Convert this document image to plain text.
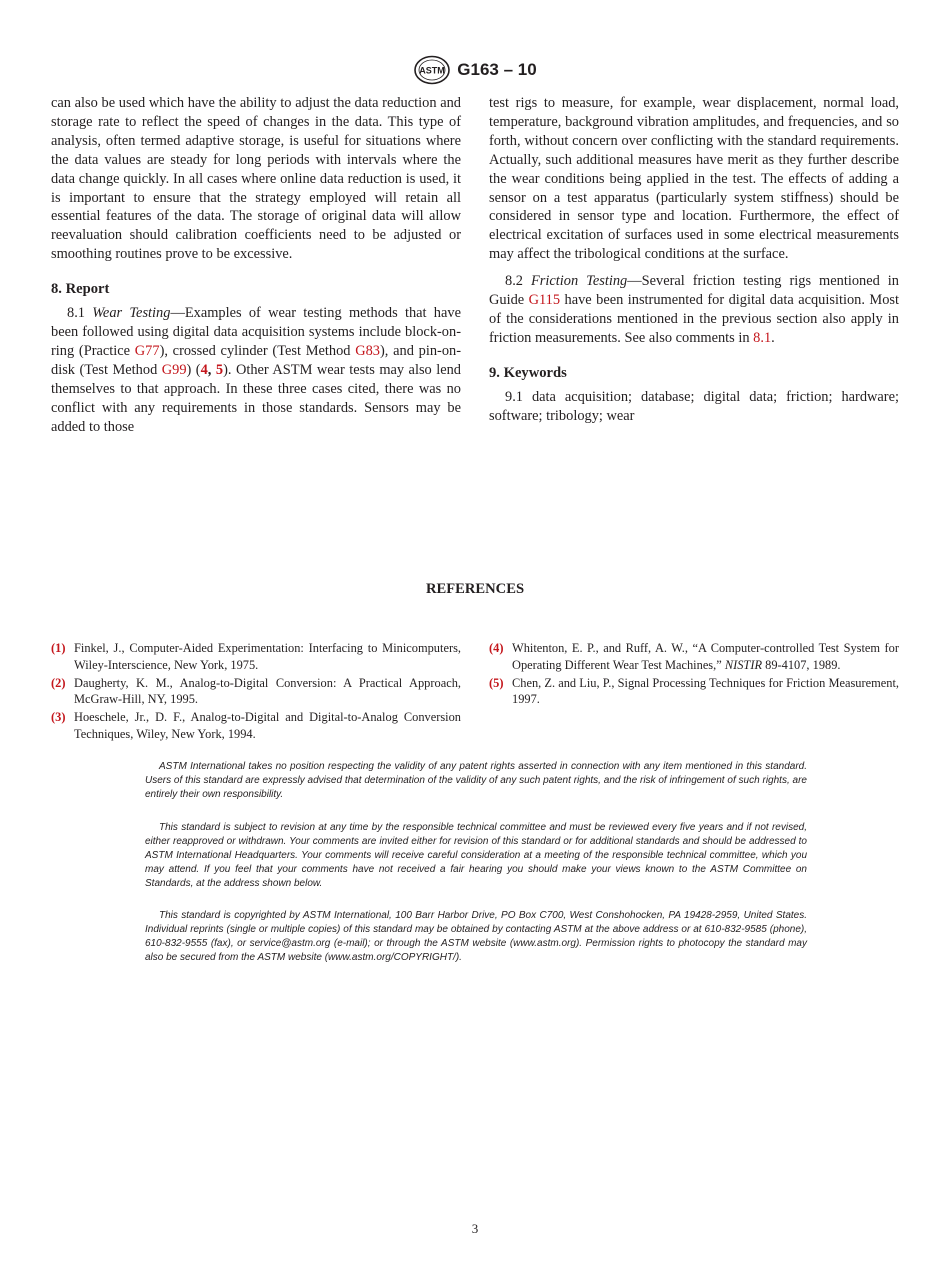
ASTM G163 – 10

can also be used which have the ability to adjust the data reduction and storage rate to reflect the speed of changes in the data. This type of analysis, often termed adaptive storage, is useful for situations where the data values are steady for long periods with intervals where the data change quickly. In all cases where online data reduction is used, it is important to ensure that the strategy employed will retain all essential features of the data. The storage of original data will allow reevaluation should calibration coefficients need to be adjusted or smoothing routines prove to be excessive.

8. Report

8.1 Wear Testing—Examples of wear testing methods that have been followed using digital data acquisition systems include block-on-ring (Practice G77), crossed cylinder (Test Method G83), and pin-on-disk (Test Method G99) (4, 5). Other ASTM wear tests may also lend themselves to that approach. In these three cases cited, there was no conflict with any requirements in those standards. Sensors may be added to those

test rigs to measure, for example, wear displacement, normal load, temperature, background vibration amplitudes, and frequencies, and so forth, without concern over conflicting with the standard requirements. Actually, such additional measures have merit as they further describe the wear conditions being applied in the test. The effects of adding a sensor on a test apparatus (particularly system stiffness) should be considered in sensor type and location. Furthermore, the effect of electrical excitation of surfaces used in some electrical measurements may affect the tribological conditions at the surface.

8.2 Friction Testing—Several friction testing rigs mentioned in Guide G115 have been instrumented for digital data acquisition. Most of the considerations mentioned in the previous section also apply in friction measurements. See also comments in 8.1.

9. Keywords

9.1 data acquisition; database; digital data; friction; hardware; software; tribology; wear

REFERENCES
(1) Finkel, J., Computer-Aided Experimentation: Interfacing to Minicomputers, Wiley-Interscience, New York, 1975.
(2) Daugherty, K. M., Analog-to-Digital Conversion: A Practical Approach, McGraw-Hill, NY, 1995.
(3) Hoeschele, Jr., D. F., Analog-to-Digital and Digital-to-Analog Conversion Techniques, Wiley, New York, 1994.
(4) Whitenton, E. P., and Ruff, A. W., “A Computer-controlled Test System for Operating Different Wear Test Machines,” NISTIR 89-4107, 1989.
(5) Chen, Z. and Liu, P., Signal Processing Techniques for Friction Measurement, 1997.

ASTM International takes no position respecting the validity of any patent rights asserted in connection with any item mentioned in this standard. Users of this standard are expressly advised that determination of the validity of any such patent rights, and the risk of infringement of such rights, are entirely their own responsibility.

This standard is subject to revision at any time by the responsible technical committee and must be reviewed every five years and if not revised, either reapproved or withdrawn. Your comments are invited either for revision of this standard or for additional standards and should be addressed to ASTM International Headquarters. Your comments will receive careful consideration at a meeting of the responsible technical committee, which you may attend. If you feel that your comments have not received a fair hearing you should make your views known to the ASTM Committee on Standards, at the address shown below.

This standard is copyrighted by ASTM International, 100 Barr Harbor Drive, PO Box C700, West Conshohocken, PA 19428-2959, United States. Individual reprints (single or multiple copies) of this standard may be obtained by contacting ASTM at the above address or at 610-832-9585 (phone), 610-832-9555 (fax), or service@astm.org (e-mail); or through the ASTM website (www.astm.org). Permission rights to photocopy the standard may also be secured from the ASTM website (www.astm.org/COPYRIGHT/).

3
